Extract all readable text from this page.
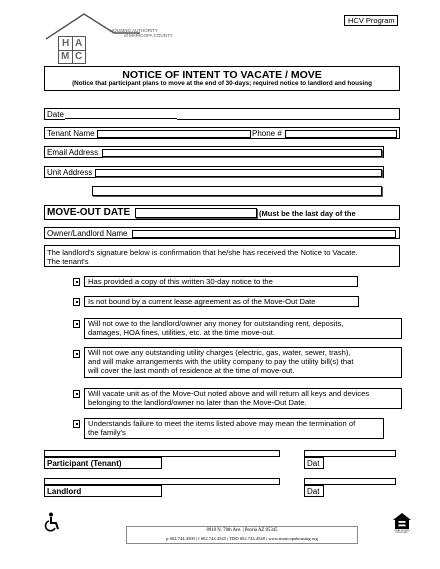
H A
M C
HOUSING AUTHORITY
of MARICOPA COUNTY
HCV Program
NOTICE OF INTENT TO VACATE / MOVE
(Notice that participant plans to move at the end of 30-days; required notice to landlord and housing
Date
Tenant Name	Phone #
Email Address
Unit Address
MOVE-OUT DATE	(Must be the last day of the
Owner/Landlord Name
The landlord's signature below is confirmation that he/she has received the Notice to Vacate.
The tenant's
Has provided a copy of this written 30-day notice to the
Is not bound by a current lease agreement as of the Move-Out Date
Will not owe to the landlord/owner any money for outstanding rent, deposits,
damages, HOA fines, utilities, etc. at the time move-out.
Will not owe any outstanding utility charges (electric, gas, water, sewer, trash),
and will make arrangements with the utility company to pay the utility bill(s) that
will cover the last month of residence at the time of move-out.
Will vacate unit as of the Move-Out noted above and will return all keys and devices
belonging to the landlord/owner no later than the Move-Out Date.
Understands failure to meet the items listed above may mean the termination of
the family's
Participant (Tenant)	Dat
Landlord	Dat
8910 N. 78th Ave. | Peoria AZ 85345
p 602.744.4500 | f 602.744.4545 | TDD 602.744.4540 | www.maricopahousing.org
EQUAL HOUSING OPPORTUNITY
